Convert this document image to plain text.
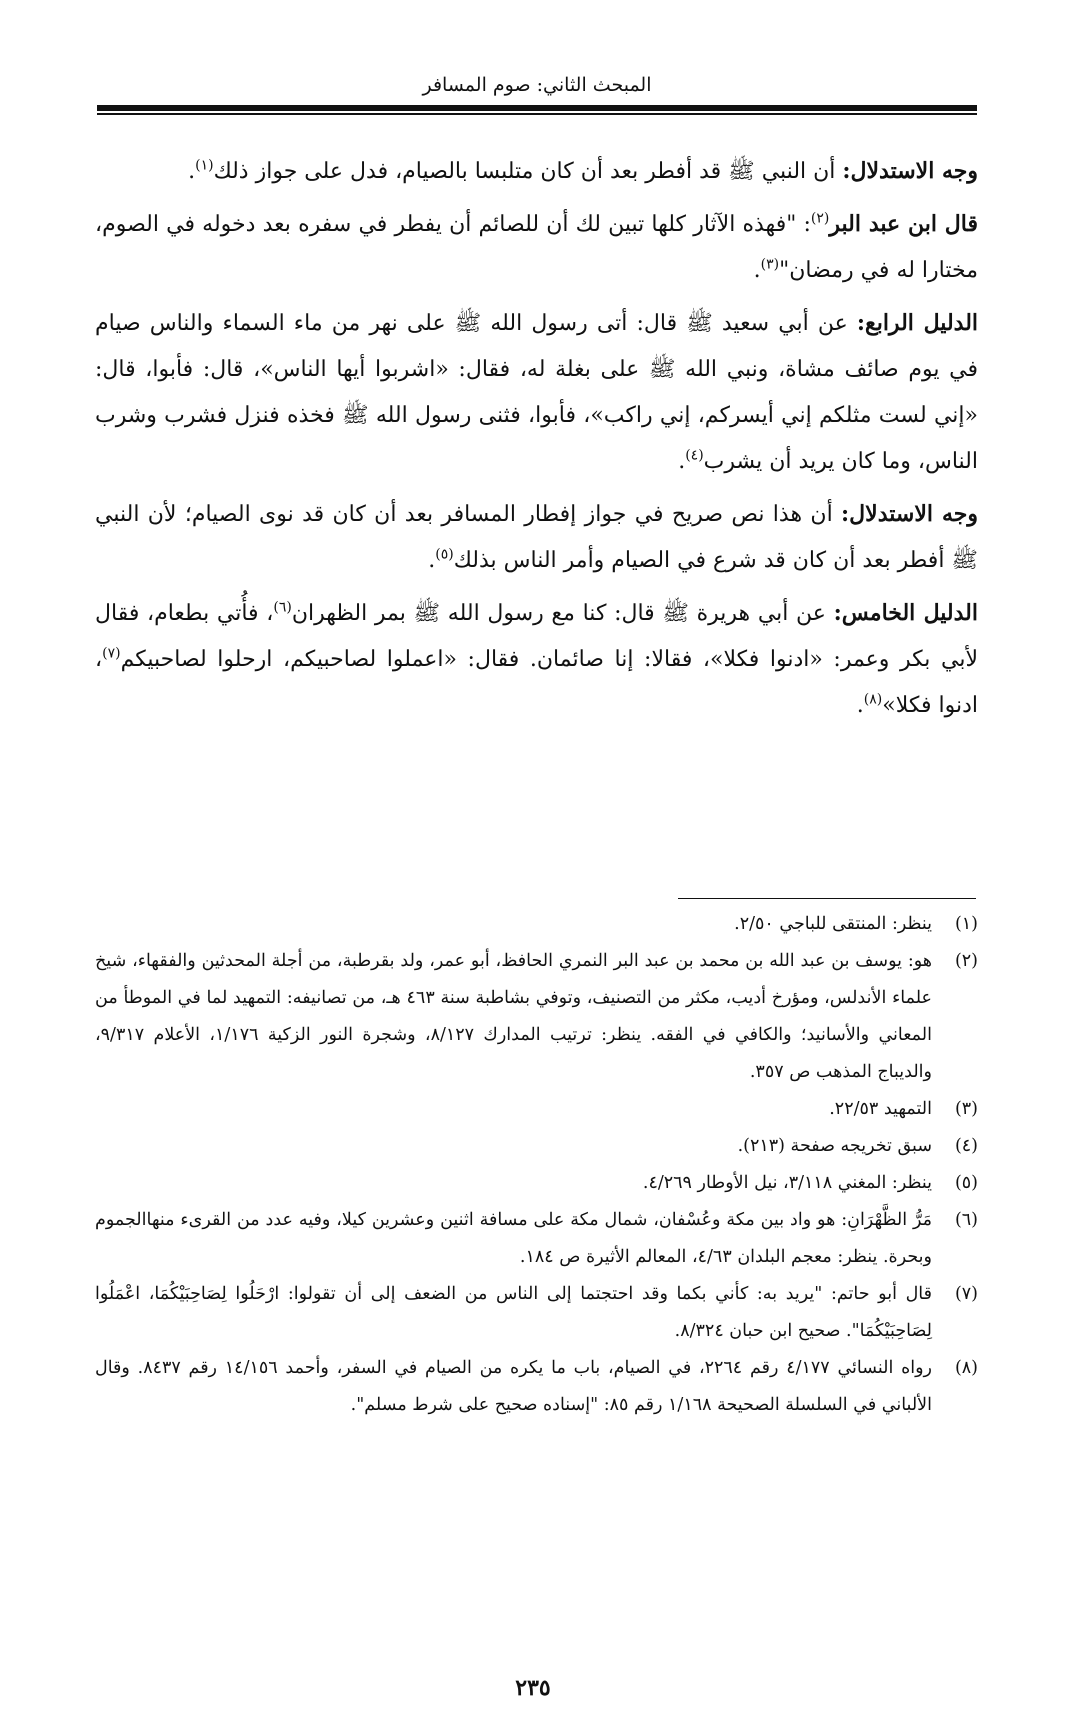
المبحث الثاني: صوم المسافر

وجه الاستدلال: أن النبي ﷺ قد أفطر بعد أن كان متلبسا بالصيام، فدل على جواز ذلك$^{(١)}$.

قال ابن عبد البر$^{(٢)}$: "فهذه الآثار كلها تبين لك أن للصائم أن يفطر في سفره بعد دخوله في الصوم، مختارا له في رمضان"$^{(٣)}$.

الدليل الرابع: عن أبي سعيد ﷺ قال: أتى رسول الله ﷺ على نهر من ماء السماء والناس صيام في يوم صائف مشاة، ونبي الله ﷺ على بغلة له، فقال: «اشربوا أيها الناس»، قال: فأبوا، قال: «إني لست مثلكم إني أيسركم، إني راكب»، فأبوا، فثنى رسول الله ﷺ فخذه فنزل فشرب وشرب الناس، وما كان يريد أن يشرب$^{(٤)}$.

وجه الاستدلال: أن هذا نص صريح في جواز إفطار المسافر بعد أن كان قد نوى الصيام؛ لأن النبي ﷺ أفطر بعد أن كان قد شرع في الصيام وأمر الناس بذلك$^{(٥)}$.

الدليل الخامس: عن أبي هريرة ﷺ قال: كنا مع رسول الله ﷺ بمر الظهران$^{(٦)}$، فأُتي بطعام، فقال لأبي بكر وعمر: «ادنوا فكلا»، فقالا: إنا صائمان. فقال: «اعملوا لصاحبيكم، ارحلوا لصاحبيكم$^{(٧)}$، ادنوا فكلا»$^{(٨)}$.

(١)
ينظر: المنتقى للباجي ٢/٥٠.
(٢)
هو: يوسف بن عبد الله بن محمد بن عبد البر النمري الحافظ، أبو عمر، ولد بقرطبة، من أجلة المحدثين والفقهاء، شيخ علماء الأندلس، ومؤرخ أديب، مكثر من التصنيف، وتوفي بشاطبة سنة ٤٦٣ هـ، من تصانيفه: التمهيد لما في الموطأ من المعاني والأسانيد؛ والكافي في الفقه. ينظر: ترتيب المدارك ٨/١٢٧، وشجرة النور الزكية ١/١٧٦، الأعلام ٩/٣١٧، والديباج المذهب ص ٣٥٧.
(٣)
التمهيد ٢٢/٥٣.
(٤)
سبق تخريجه صفحة (٢١٣).
(٥)
ينظر: المغني ٣/١١٨، نيل الأوطار ٤/٢٦٩.
(٦)
مَرُّ الظَّهْرَانِ: هو واد بين مكة وعُسْفان، شمال مكة على مسافة اثنين وعشرين كيلا، وفيه عدد من القرىء منهاالجموم وبحرة. ينظر: معجم البلدان ٤/٦٣، المعالم الأثيرة ص ١٨٤.
(٧)
قال أبو حاتم: "يريد به: كأني بكما وقد احتجتما إلى الناس من الضعف إلى أن تقولوا: ارْحَلُوا لِصَاحِبَيْكُمَا، اعْمَلُوا لِصَاحِبَيْكُمَا". صحيح ابن حبان ٨/٣٢٤.
(٨)
رواه النسائي ٤/١٧٧ رقم ٢٢٦٤، في الصيام، باب ما يكره من الصيام في السفر، وأحمد ١٤/١٥٦ رقم ٨٤٣٧. وقال الألباني في السلسلة الصحيحة ١/١٦٨ رقم ٨٥: "إسناده صحيح على شرط مسلم".
٢٣٥
